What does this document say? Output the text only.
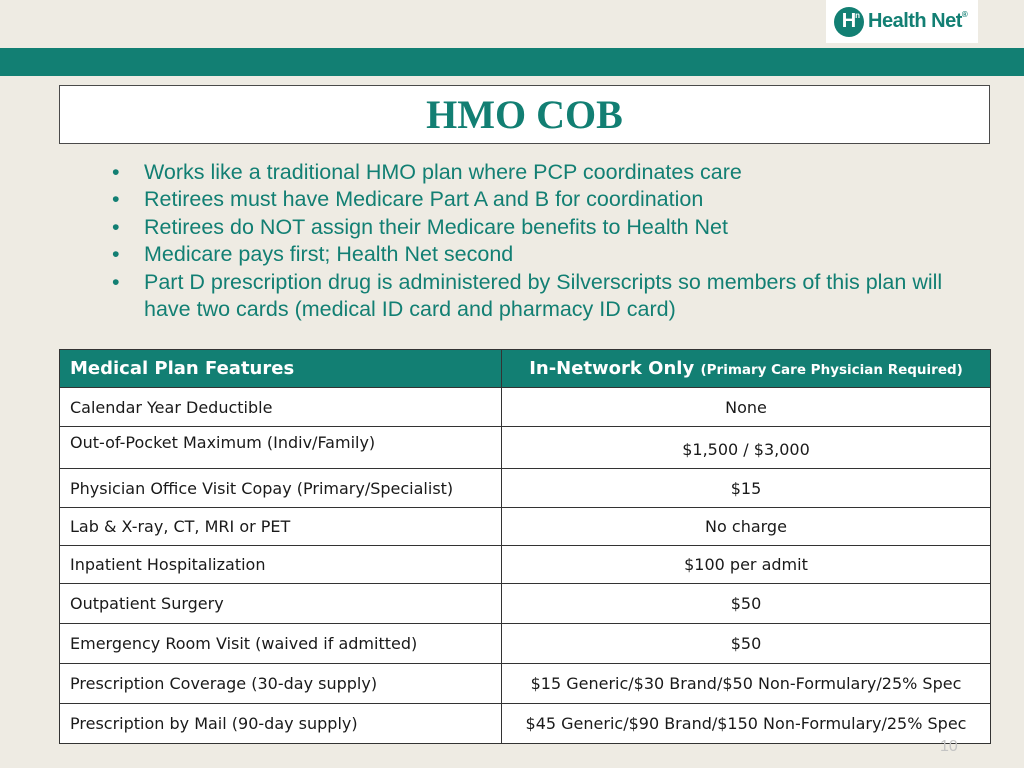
H
n Health Net®
HMO COB
• Works like a traditional HMO plan where PCP coordinates care
• Retirees must have Medicare Part A and B for coordination
• Retirees do NOT assign their Medicare benefits to Health Net
• Medicare pays first; Health Net second
• Part D prescription drug is administered by Silverscripts so members of this plan will have two cards (medical ID card and pharmacy ID card)
Medical Plan Features	In-Network Only (Primary Care Physician Required)
Calendar Year Deductible	None
Out-of-Pocket Maximum (Indiv/Family)	$1,500 / $3,000
Physician Office Visit Copay (Primary/Specialist)	$15
Lab & X-ray, CT, MRI or PET	No charge
Inpatient Hospitalization	$100 per admit
Outpatient Surgery	$50
Emergency Room Visit (waived if admitted)	$50
Prescription Coverage (30-day supply)	$15 Generic/$30 Brand/$50 Non-Formulary/25% Spec
Prescription by Mail (90-day supply)	$45 Generic/$90 Brand/$150 Non-Formulary/25% Spec
10
